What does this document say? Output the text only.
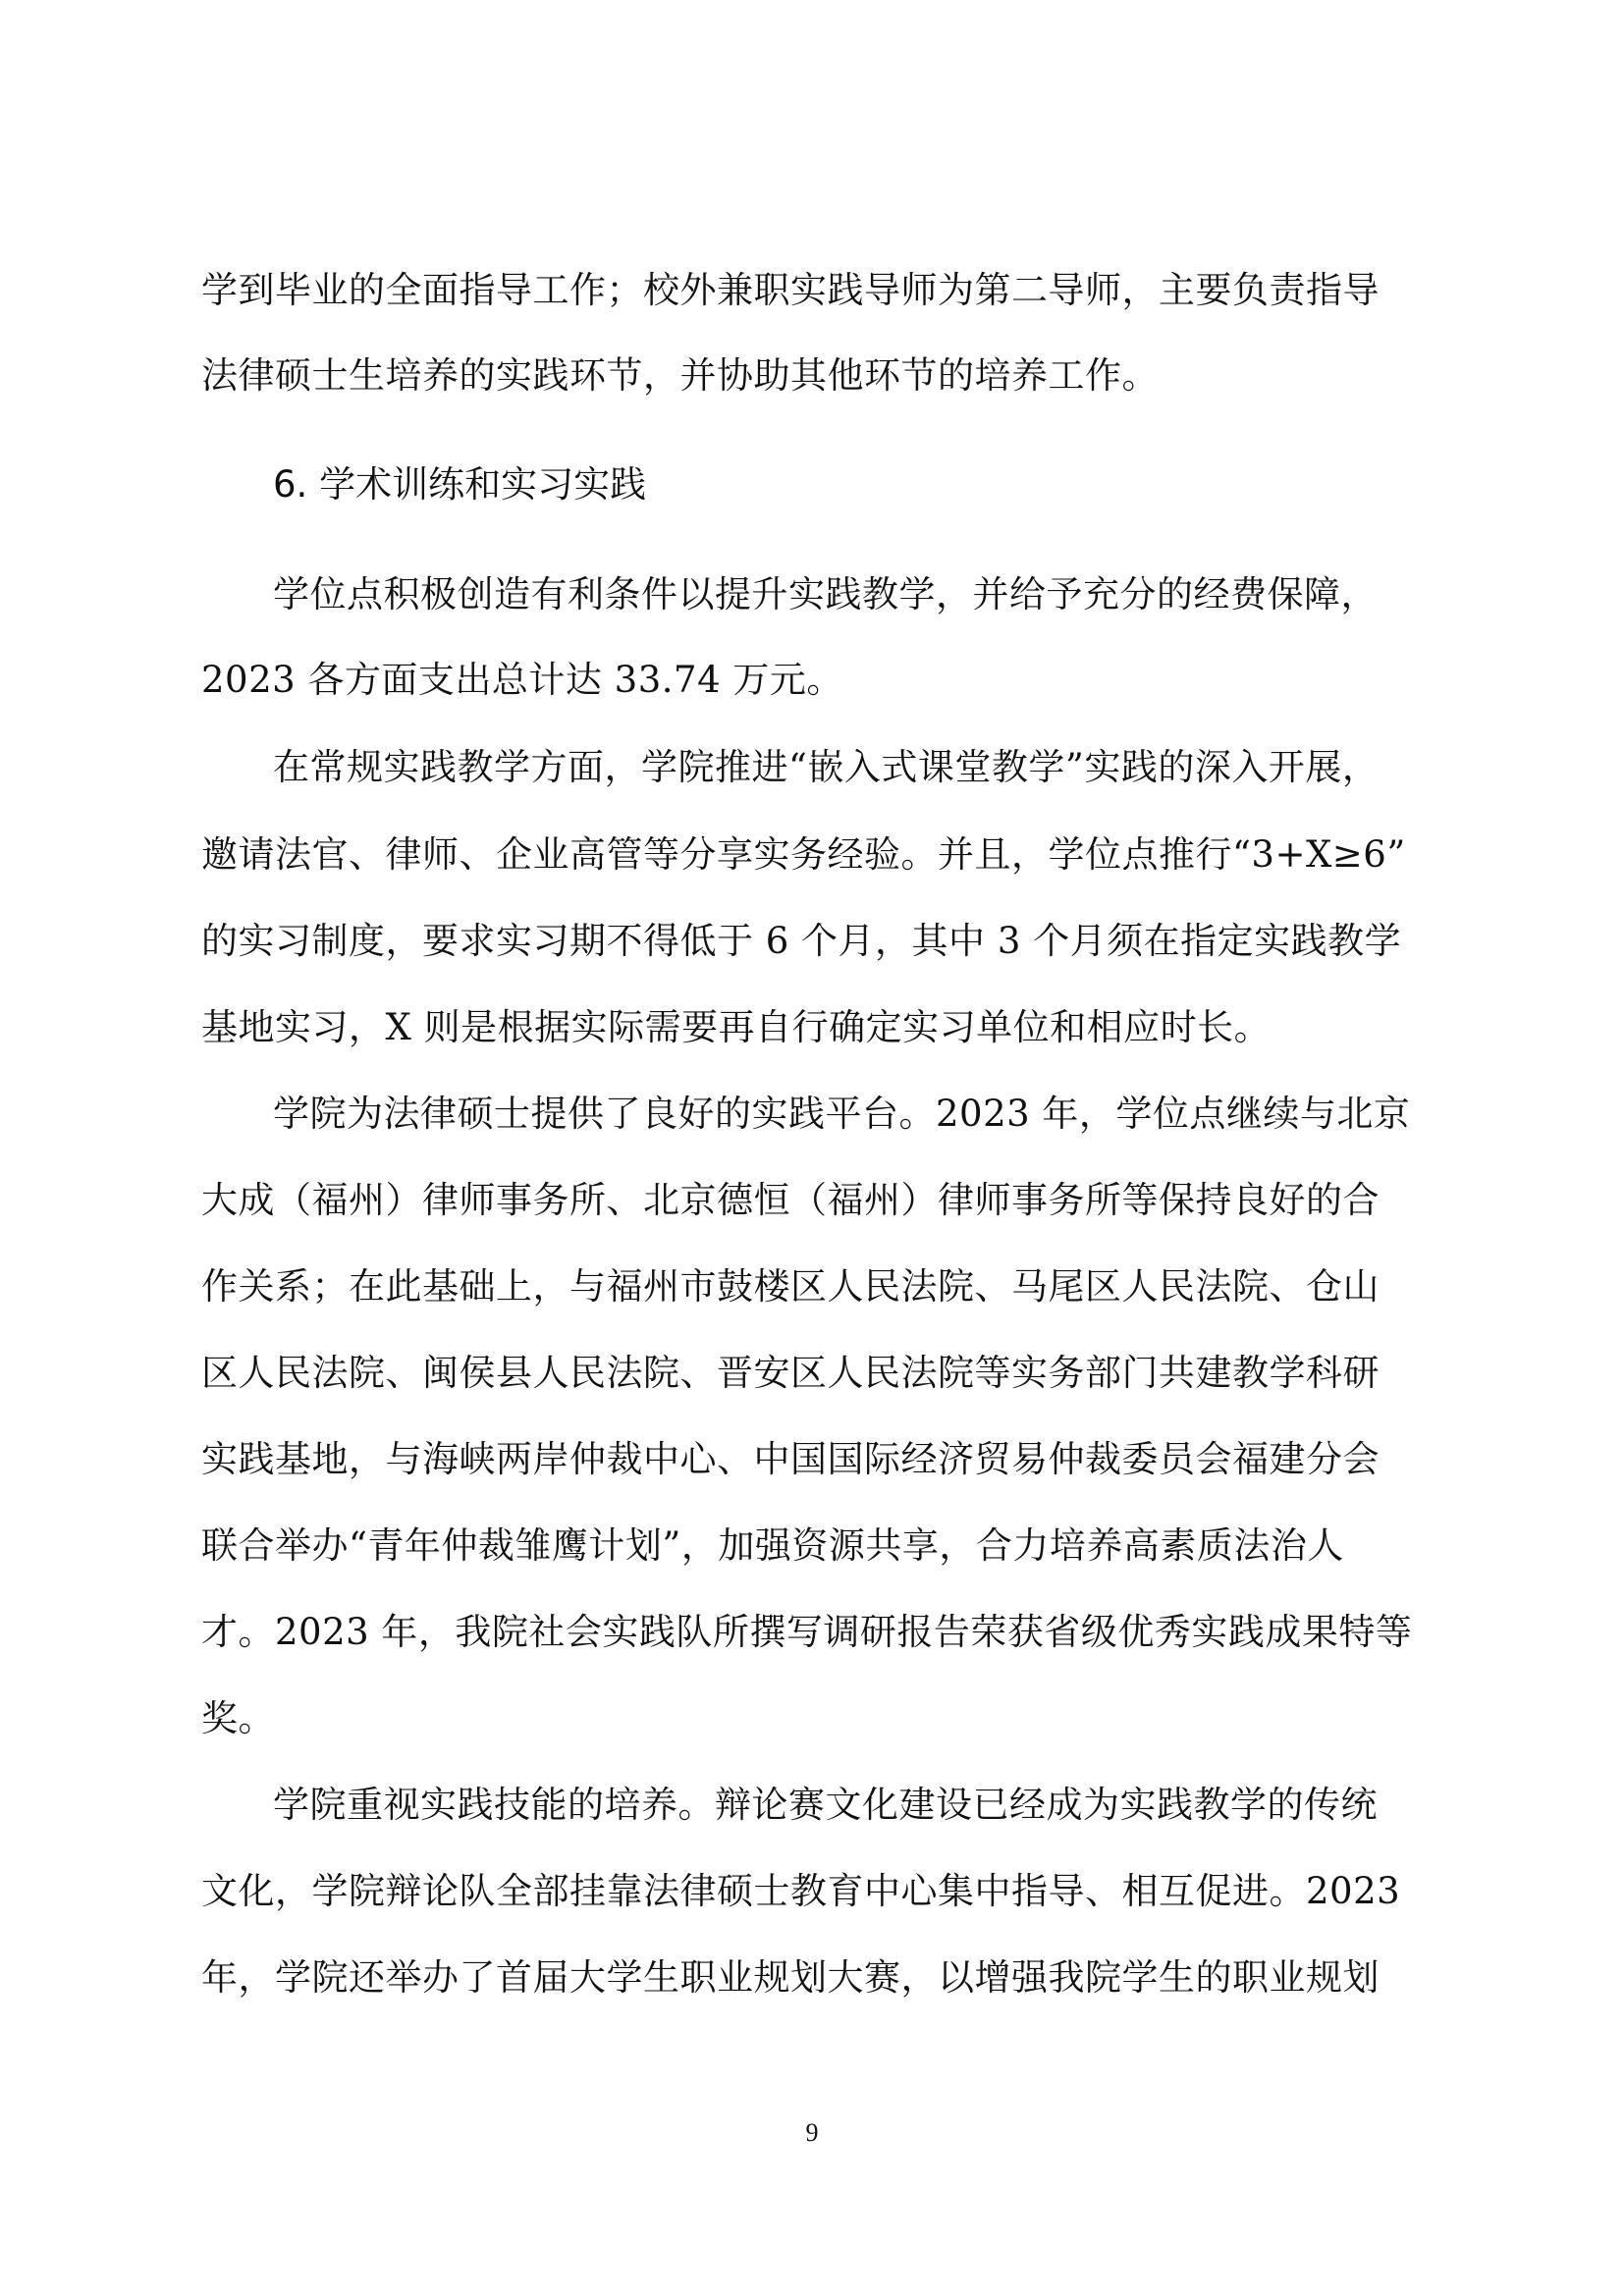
学到毕业的全面指导工作；校外兼职实践导师为第二导师，主要负责指导
法律硕士生培养的实践环节，并协助其他环节的培养工作。
6. 学术训练和实习实践
学位点积极创造有利条件以提升实践教学，并给予充分的经费保障，
2023 各方面支出总计达 33.74 万元。
在常规实践教学方面，学院推进“嵌入式课堂教学”实践的深入开展，
邀请法官、律师、企业高管等分享实务经验。并且，学位点推行“3+X≥6”
的实习制度，要求实习期不得低于 6 个月，其中 3 个月须在指定实践教学
基地实习，X 则是根据实际需要再自行确定实习单位和相应时长。
学院为法律硕士提供了良好的实践平台。2023 年，学位点继续与北京
大成（福州）律师事务所、北京德恒（福州）律师事务所等保持良好的合
作关系；在此基础上，与福州市鼓楼区人民法院、马尾区人民法院、仓山
区人民法院、闽侯县人民法院、晋安区人民法院等实务部门共建教学科研
实践基地，与海峡两岸仲裁中心、中国国际经济贸易仲裁委员会福建分会
联合举办“青年仲裁雏鹰计划”，加强资源共享，合力培养高素质法治人
才。2023 年，我院社会实践队所撰写调研报告荣获省级优秀实践成果特等
奖。
学院重视实践技能的培养。辩论赛文化建设已经成为实践教学的传统
文化，学院辩论队全部挂靠法律硕士教育中心集中指导、相互促进。2023
年，学院还举办了首届大学生职业规划大赛，以增强我院学生的职业规划
9
